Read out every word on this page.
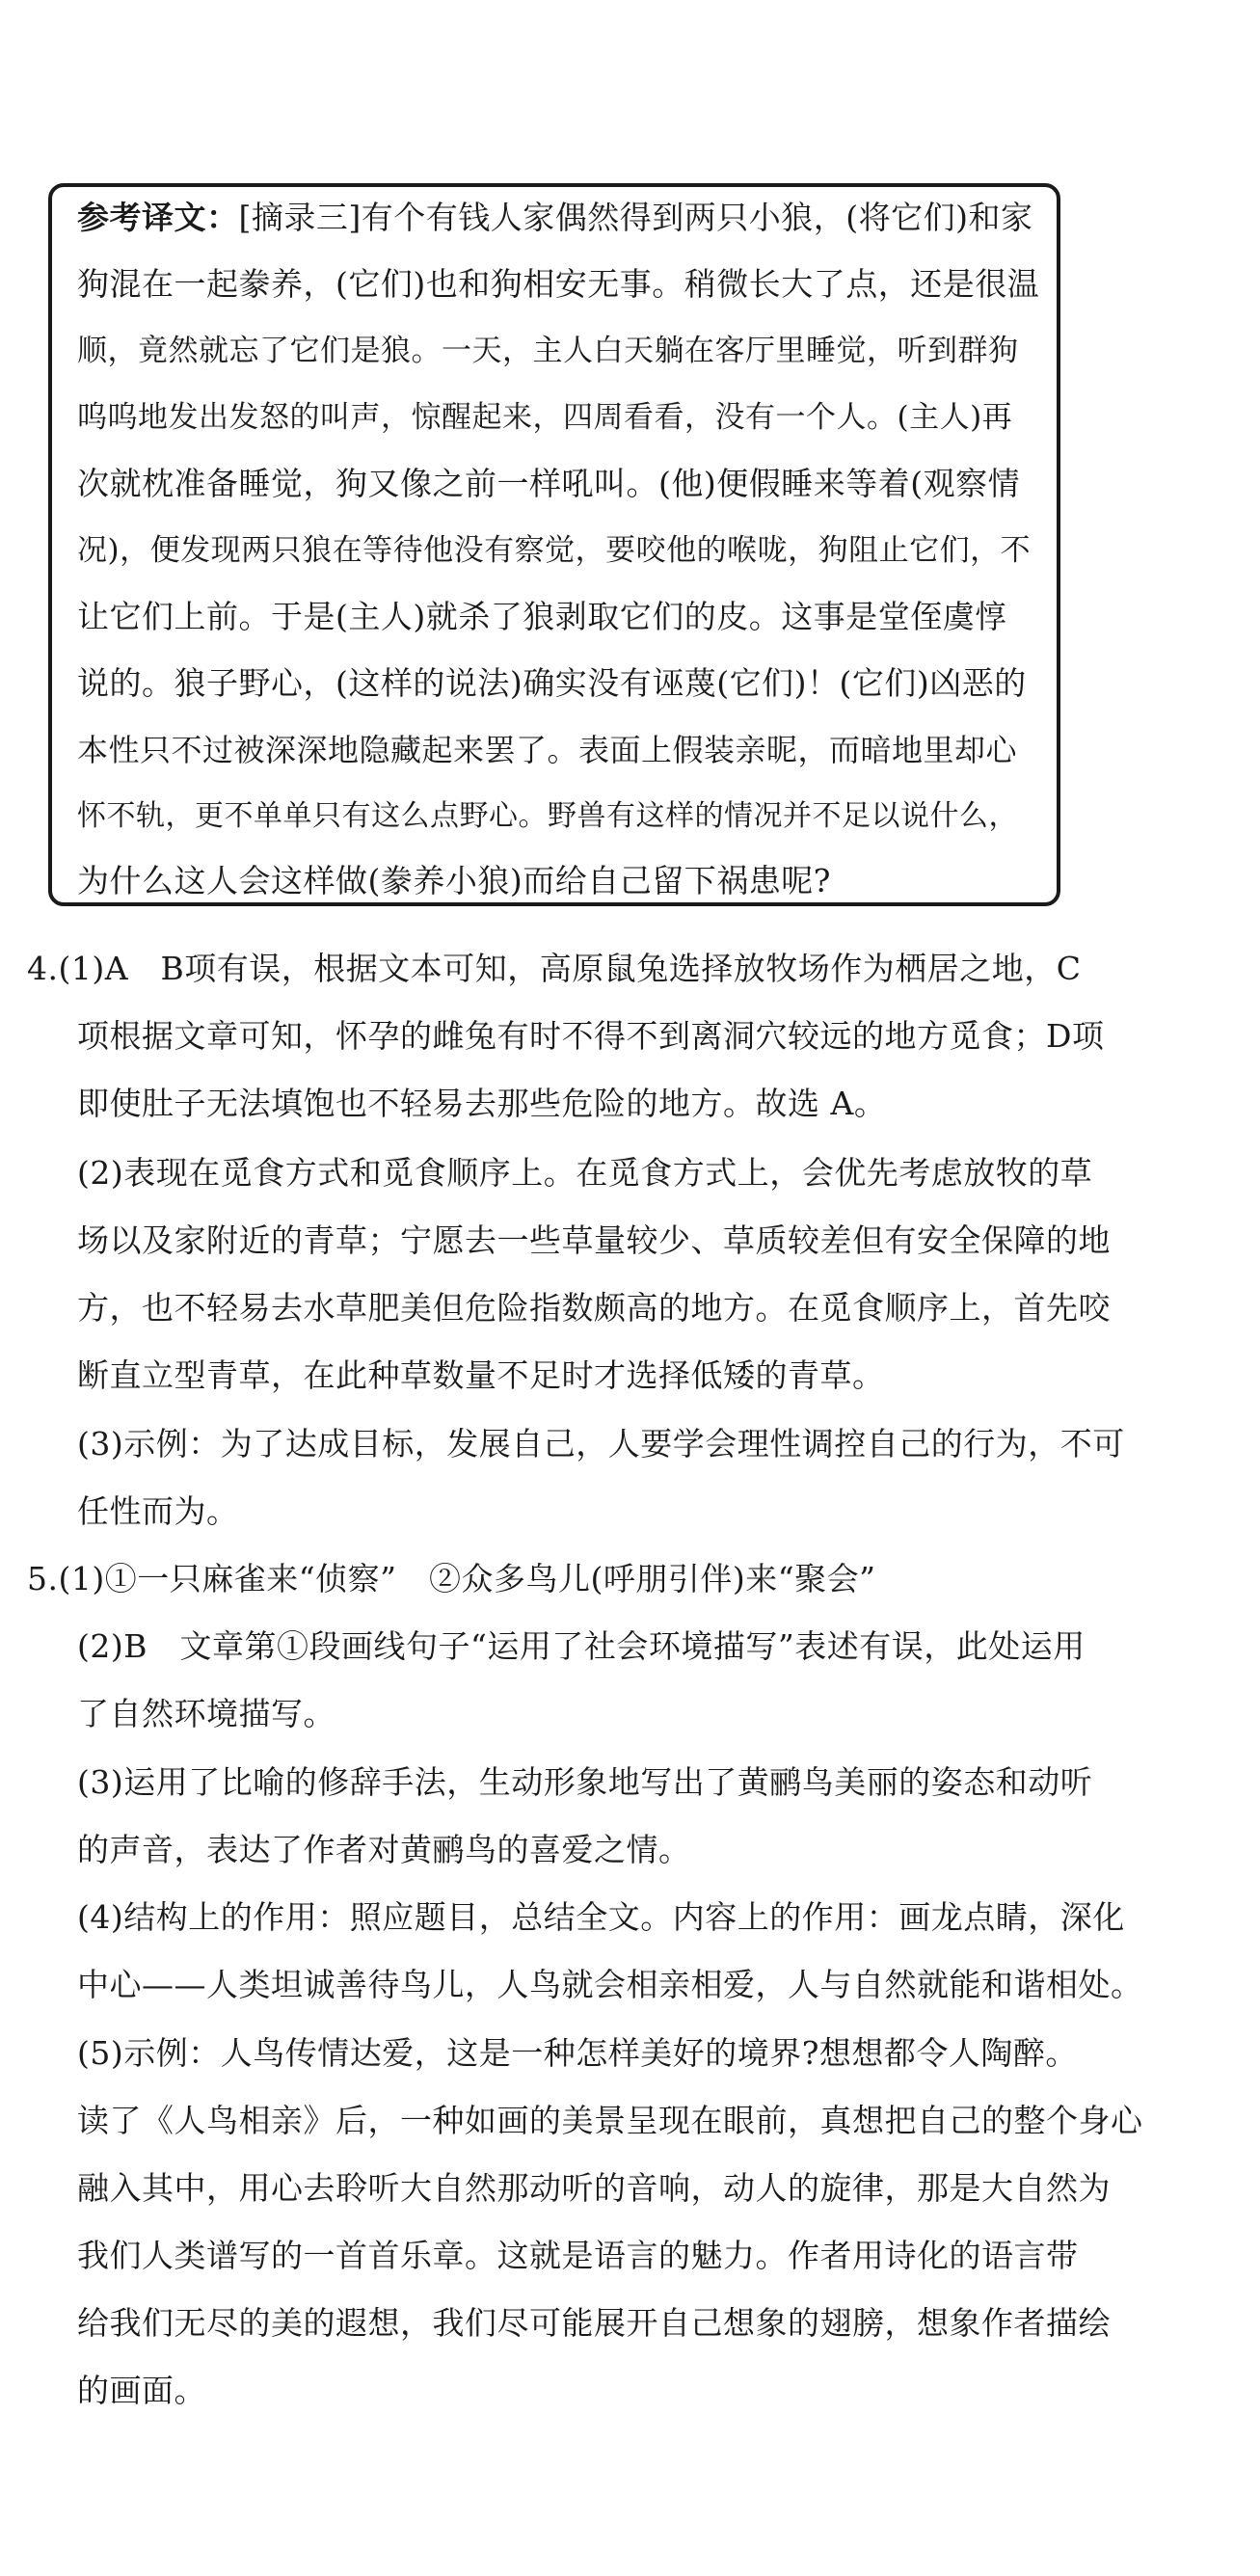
参考译文：[摘录三]有个有钱人家偶然得到两只小狼，(将它们)和家
狗混在一起豢养，(它们)也和狗相安无事。稍微长大了点，还是很温
顺，竟然就忘了它们是狼。一天，主人白天躺在客厅里睡觉，听到群狗
呜呜地发出发怒的叫声，惊醒起来，四周看看，没有一个人。(主人)再
次就枕准备睡觉，狗又像之前一样吼叫。(他)便假睡来等着(观察情
况)，便发现两只狼在等待他没有察觉，要咬他的喉咙，狗阻止它们，不
让它们上前。于是(主人)就杀了狼剥取它们的皮。这事是堂侄虞惇
说的。狼子野心，(这样的说法)确实没有诬蔑(它们)！(它们)凶恶的
本性只不过被深深地隐藏起来罢了。表面上假装亲昵，而暗地里却心
怀不轨，更不单单只有这么点野心。野兽有这样的情况并不足以说什么，
为什么这人会这样做(豢养小狼)而给自己留下祸患呢?
4.(1)A　B项有误，根据文本可知，高原鼠兔选择放牧场作为栖居之地，C
项根据文章可知，怀孕的雌兔有时不得不到离洞穴较远的地方觅食；D项
即使肚子无法填饱也不轻易去那些危险的地方。故选 A。
(2)表现在觅食方式和觅食顺序上。在觅食方式上，会优先考虑放牧的草
场以及家附近的青草；宁愿去一些草量较少、草质较差但有安全保障的地
方，也不轻易去水草肥美但危险指数颇高的地方。在觅食顺序上，首先咬
断直立型青草，在此种草数量不足时才选择低矮的青草。
(3)示例：为了达成目标，发展自己，人要学会理性调控自己的行为，不可
任性而为。
5.(1)①一只麻雀来“侦察”　②众多鸟儿(呼朋引伴)来“聚会”
(2)B　文章第①段画线句子“运用了社会环境描写”表述有误，此处运用
了自然环境描写。
(3)运用了比喻的修辞手法，生动形象地写出了黄鹂鸟美丽的姿态和动听
的声音，表达了作者对黄鹂鸟的喜爱之情。
(4)结构上的作用：照应题目，总结全文。内容上的作用：画龙点睛，深化
中心——人类坦诚善待鸟儿，人鸟就会相亲相爱，人与自然就能和谐相处。
(5)示例：人鸟传情达爱，这是一种怎样美好的境界?想想都令人陶醉。
读了《人鸟相亲》后，一种如画的美景呈现在眼前，真想把自己的整个身心
融入其中，用心去聆听大自然那动听的音响，动人的旋律，那是大自然为
我们人类谱写的一首首乐章。这就是语言的魅力。作者用诗化的语言带
给我们无尽的美的遐想，我们尽可能展开自己想象的翅膀，想象作者描绘
的画面。
